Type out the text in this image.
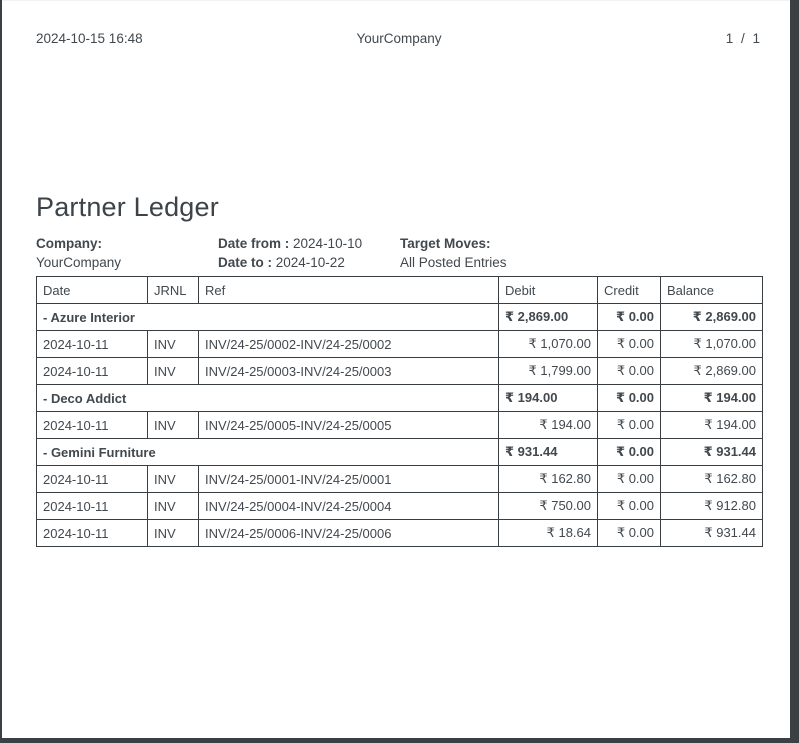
2024-10-15 16:48	YourCompany	1 / 1
Partner Ledger
Company:
YourCompany
Date from : 2024-10-10
Date to : 2024-10-22
Target Moves:
All Posted Entries
Date	JRNL	Ref	Debit	Credit	Balance
- Azure Interior			₹ 2,869.00	₹ 0.00	₹ 2,869.00
2024-10-11	INV	INV/24-25/0002-INV/24-25/0002	₹ 1,070.00	₹ 0.00	₹ 1,070.00
2024-10-11	INV	INV/24-25/0003-INV/24-25/0003	₹ 1,799.00	₹ 0.00	₹ 2,869.00
- Deco Addict			₹ 194.00	₹ 0.00	₹ 194.00
2024-10-11	INV	INV/24-25/0005-INV/24-25/0005	₹ 194.00	₹ 0.00	₹ 194.00
- Gemini Furniture			₹ 931.44	₹ 0.00	₹ 931.44
2024-10-11	INV	INV/24-25/0001-INV/24-25/0001	₹ 162.80	₹ 0.00	₹ 162.80
2024-10-11	INV	INV/24-25/0004-INV/24-25/0004	₹ 750.00	₹ 0.00	₹ 912.80
2024-10-11	INV	INV/24-25/0006-INV/24-25/0006	₹ 18.64	₹ 0.00	₹ 931.44
